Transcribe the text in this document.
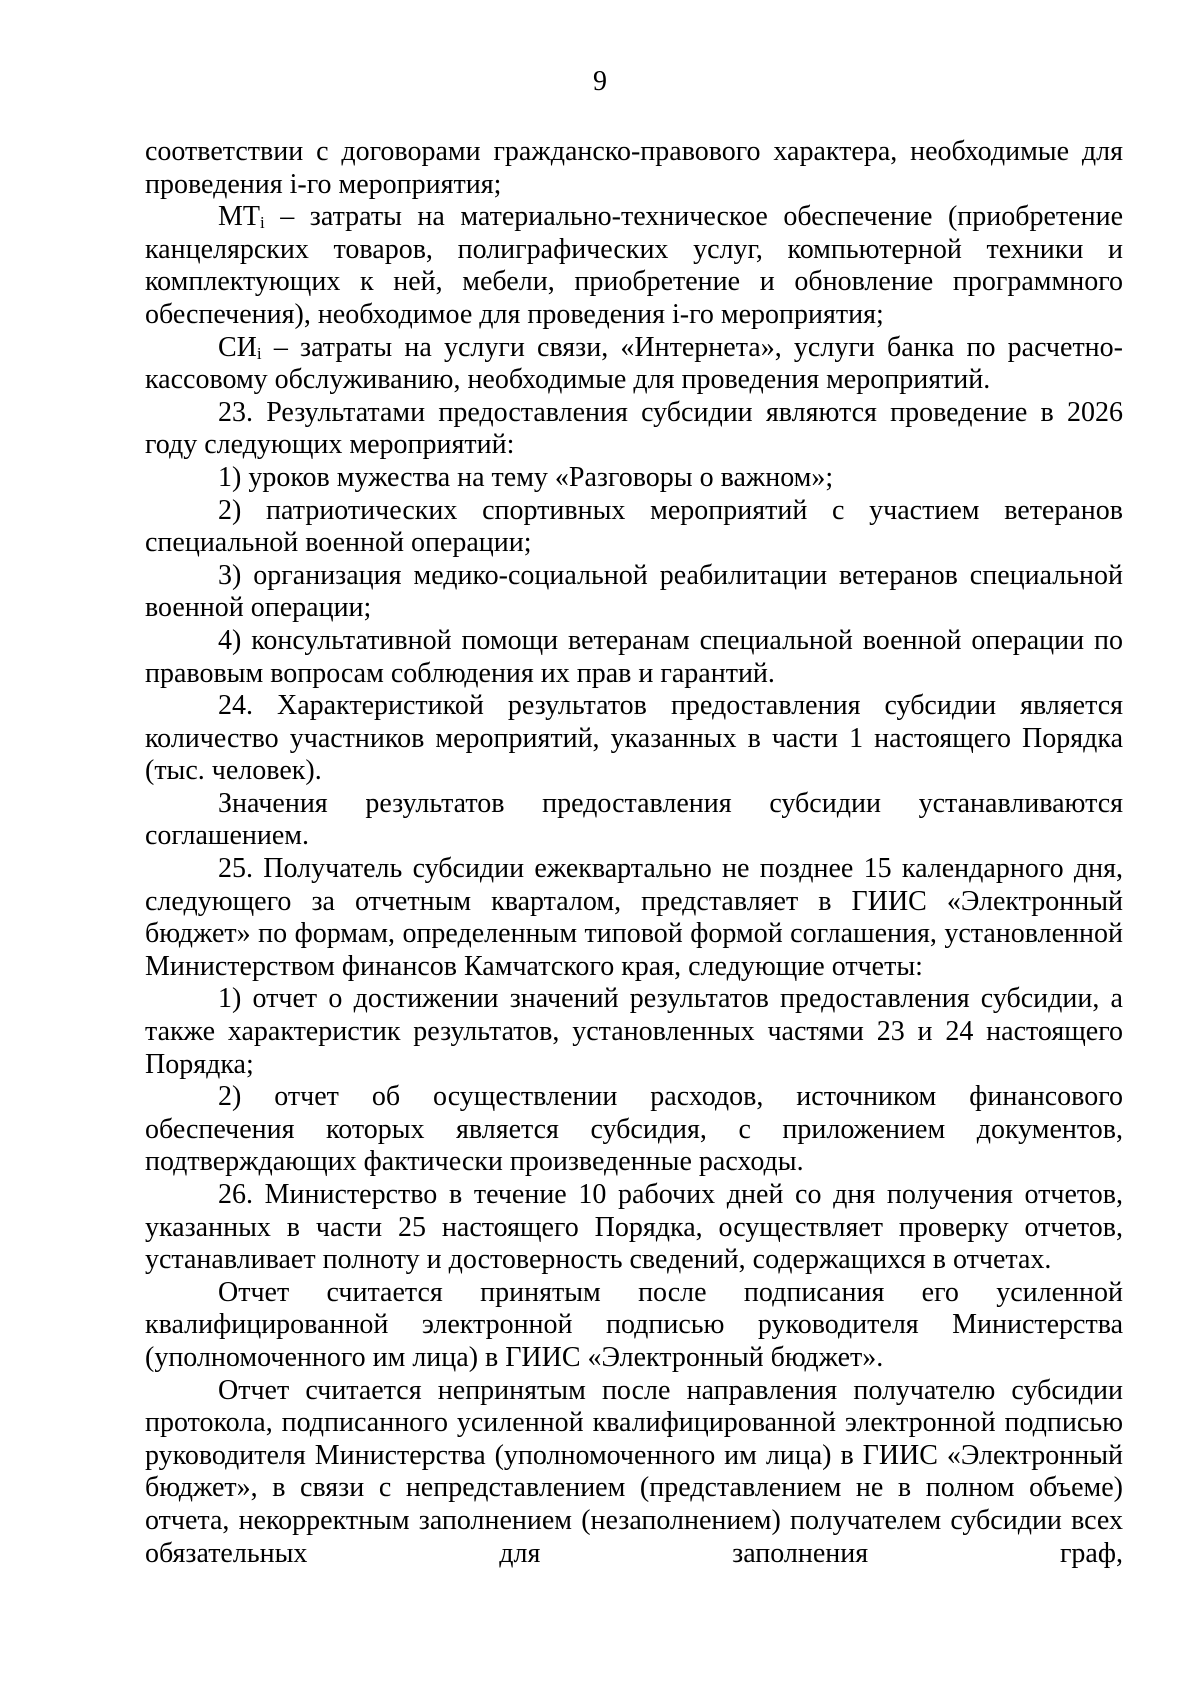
9

соответствии с договорами гражданско-правового характера, необходимые для проведения i-го мероприятия;

$МТ_i$ – затраты на материально-техническое обеспечение (приобретение канцелярских товаров, полиграфических услуг, компьютерной техники и комплектующих к ней, мебели, приобретение и обновление программного обеспечения), необходимое для проведения i-го мероприятия;

$СИ_i$ – затраты на услуги связи, «Интернета», услуги банка по расчетно-кассовому обслуживанию, необходимые для проведения мероприятий.

23. Результатами предоставления субсидии являются проведение в 2026 году следующих мероприятий:

1) уроков мужества на тему «Разговоры о важном»;

2) патриотических спортивных мероприятий с участием ветеранов специальной военной операции;

3) организация медико-социальной реабилитации ветеранов специальной военной операции;

4) консультативной помощи ветеранам специальной военной операции по правовым вопросам соблюдения их прав и гарантий.

24. Характеристикой результатов предоставления субсидии является количество участников мероприятий, указанных в части 1 настоящего Порядка (тыс. человек).

Значения результатов предоставления субсидии устанавливаются соглашением.

25. Получатель субсидии ежеквартально не позднее 15 календарного дня, следующего за отчетным кварталом, представляет в ГИИС «Электронный бюджет» по формам, определенным типовой формой соглашения, установленной Министерством финансов Камчатского края, следующие отчеты:

1) отчет о достижении значений результатов предоставления субсидии, а также характеристик результатов, установленных частями 23 и 24 настоящего Порядка;

2) отчет об осуществлении расходов, источником финансового обеспечения которых является субсидия, с приложением документов, подтверждающих фактически произведенные расходы.

26. Министерство в течение 10 рабочих дней со дня получения отчетов, указанных в части 25 настоящего Порядка, осуществляет проверку отчетов, устанавливает полноту и достоверность сведений, содержащихся в отчетах.

Отчет считается принятым после подписания его усиленной квалифицированной электронной подписью руководителя Министерства (уполномоченного им лица) в ГИИС «Электронный бюджет».

Отчет считается непринятым после направления получателю субсидии протокола, подписанного усиленной квалифицированной электронной подписью руководителя Министерства (уполномоченного им лица) в ГИИС «Электронный бюджет», в связи с непредставлением (представлением не в полном объеме) отчета, некорректным заполнением (незаполнением) получателем субсидии всех обязательных для заполнения граф,
